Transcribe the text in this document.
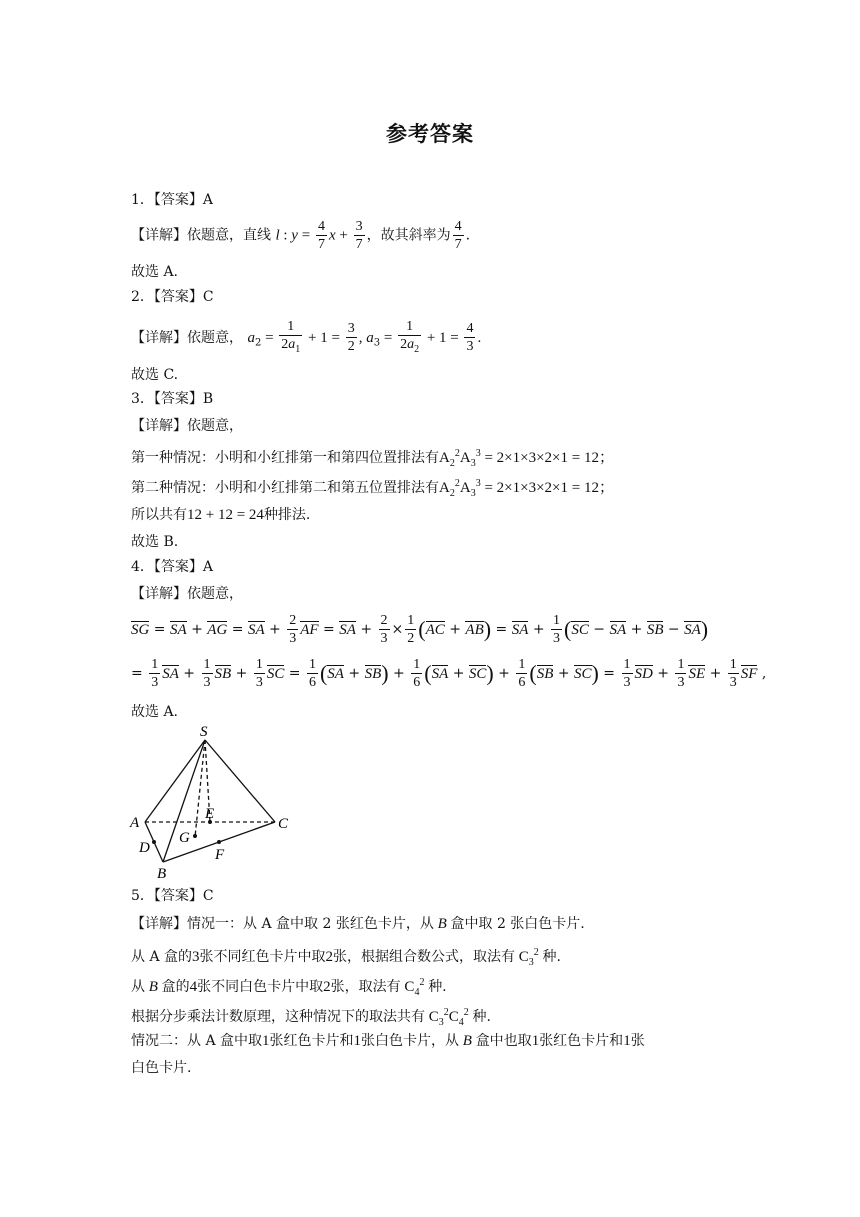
参考答案
1．【答案】A
【详解】依题意，直线 l : $y = \frac{4}{7}$ $x + \frac{3}{7}$ ，故其斜率为 $\frac{4}{7}$ .
故选 A.
2．【答案】C
【详解】依题意， $a_2 = \frac{1}{2a_1} + 1 = \frac{3}{2}$ , $a_3 = \frac{1}{2a_2} + 1 = \frac{4}{3}$ .
故选 C.
3．【答案】B
【详解】依题意，
第一种情况：小明和小红排第一和第四位置排法有$A_2^2A_3^3 = 2\times 1\times 3\times 2\times 1 = 12$；
第二种情况：小明和小红排第二和第五位置排法有$A_2^2A_3^3 = 2\times 1\times 3\times 2\times 1 = 12$；
所以共有12 + 12 = 24种排法.
故选 B.
4．【答案】A
【详解】依题意，
SG = SA + AG = SA + $\frac{2}{3}$ AF = SA + $\frac{2}{3} \times \frac{1}{2} (AC + AB)$ = SA + $\frac{1}{3} (SC$ − SA + SB − SA)
= $\frac{1}{3}$ SA + $\frac{1}{3}$ SB + $\frac{1}{3}$ SC = $\frac{1}{6} (SA + SB) + \frac{1}{6} (SA + SC) + \frac{1}{6} (SB + SC) = \frac{1}{3}$ SD + $\frac{1}{3}$ SE + $\frac{1}{3}$ SF ,
故选 A.
S
A
B
C
D
E
F
G
5．【答案】C
【详解】情况一：从 A 盒中取 2 张红色卡片，从 B 盒中取 2 张白色卡片.
从 A 盒的3张不同红色卡片中取2张，根据组合数公式，取法有 $C_3^2$ 种.
从 B 盒的4张不同白色卡片中取2张，取法有 $C_4^2$ 种.
根据分步乘法计数原理，这种情况下的取法共有 $C_3^2C_4^2$ 种.
情况二：从 A 盒中取1张红色卡片和1张白色卡片，从 B 盒中也取1张红色卡片和1张
白色卡片.
